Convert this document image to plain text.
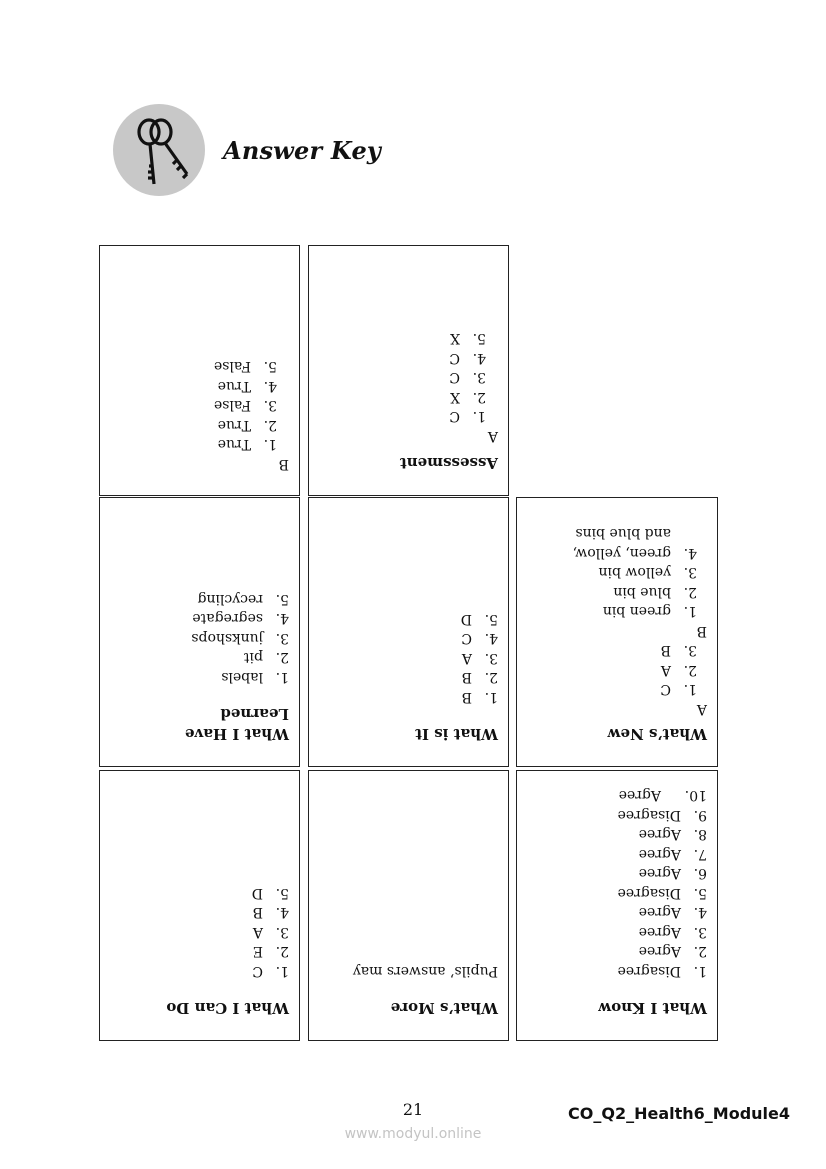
Answer Key
B
1.True
2.True
3.False
4.True
5.False
Assessment
A
1.C
2.X
3.C
4.C
5.X
What I Have
Learned
1.labels
2.pit
3.junkshops
4.segregate
5.recycling
What is It
1.B
2.B
3.A
4.C
5.D
What’s New
A
1.C
2.A
3.B
B
1.green bin
2.blue bin
3.yellow bin
4.green, yellow,
and blue bins
What I Can Do
1.C
2.E
3.A
4.B
5.D
What’s More
Pupils’ answers may
What I Know
1.Disagree
2.Agree
3.Agree
4.Agree
5.Disagree
6.Agree
7.Agree
8.Agree
9.Disagree
10.Agree
21	CO_Q2_Health6_Module4
www.modyul.online
